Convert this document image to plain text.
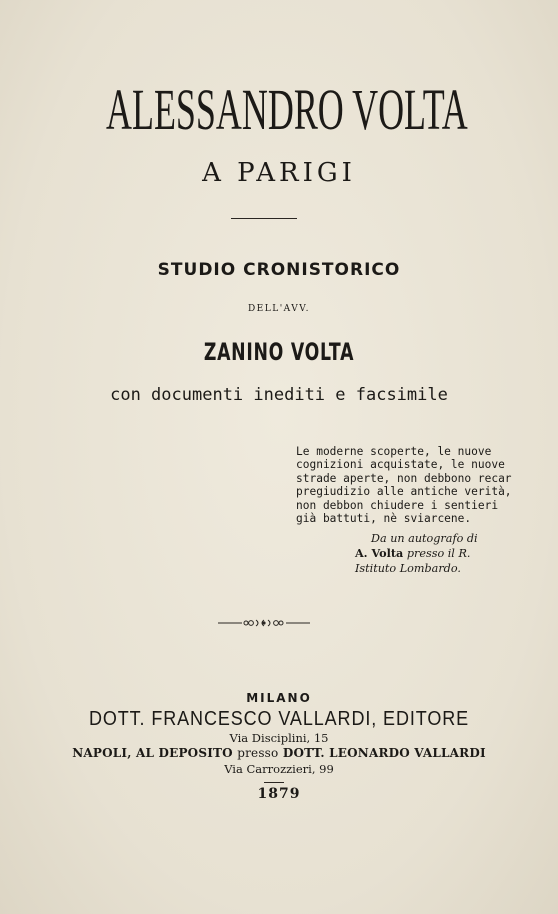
ALESSANDRO VOLTA
A PARIGI
STUDIO CRONISTORICO
DELL'AVV.
ZANINO VOLTA
con documenti inediti e facsimile
Le moderne scoperte, le nuove
cognizioni acquistate, le nuove
strade aperte, non debbono recar
pregiudizio alle antiche verità,
non debbon chiudere i sentieri
già battuti, nè sviarcene.
Da un autografo di
A. Volta presso il R.
Istituto Lombardo.
MILANO
DOTT. FRANCESCO VALLARDI, EDITORE
Via Disciplini, 15
NAPOLI, AL DEPOSITO presso DOTT. LEONARDO VALLARDI
Via Carrozzieri, 99
1879
